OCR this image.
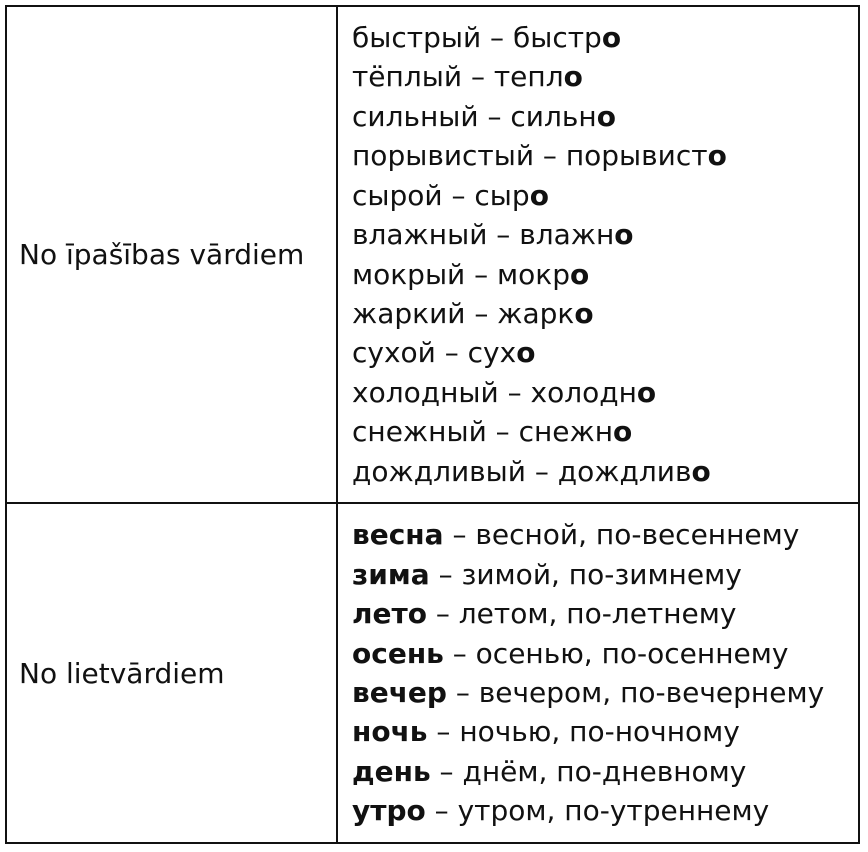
No īpašības vārdiem
быстрый – быстро
тёплый – тепло
сильный – сильно
порывистый – порывисто
сырой – сыро
влажный – влажно
мокрый – мокро
жаркий – жарко
сухой – сухо
холодный – холодно
снежный – снежно
дождливый – дождливо
No lietvārdiem
весна – весной, по-весеннему
зима – зимой, по-зимнему
лето – летом, по-летнему
осень – осенью, по-осеннему
вечер – вечером, по-вечернему
ночь – ночью, по-ночному
день – днём, по-дневному
утро – утром, по-утреннему
